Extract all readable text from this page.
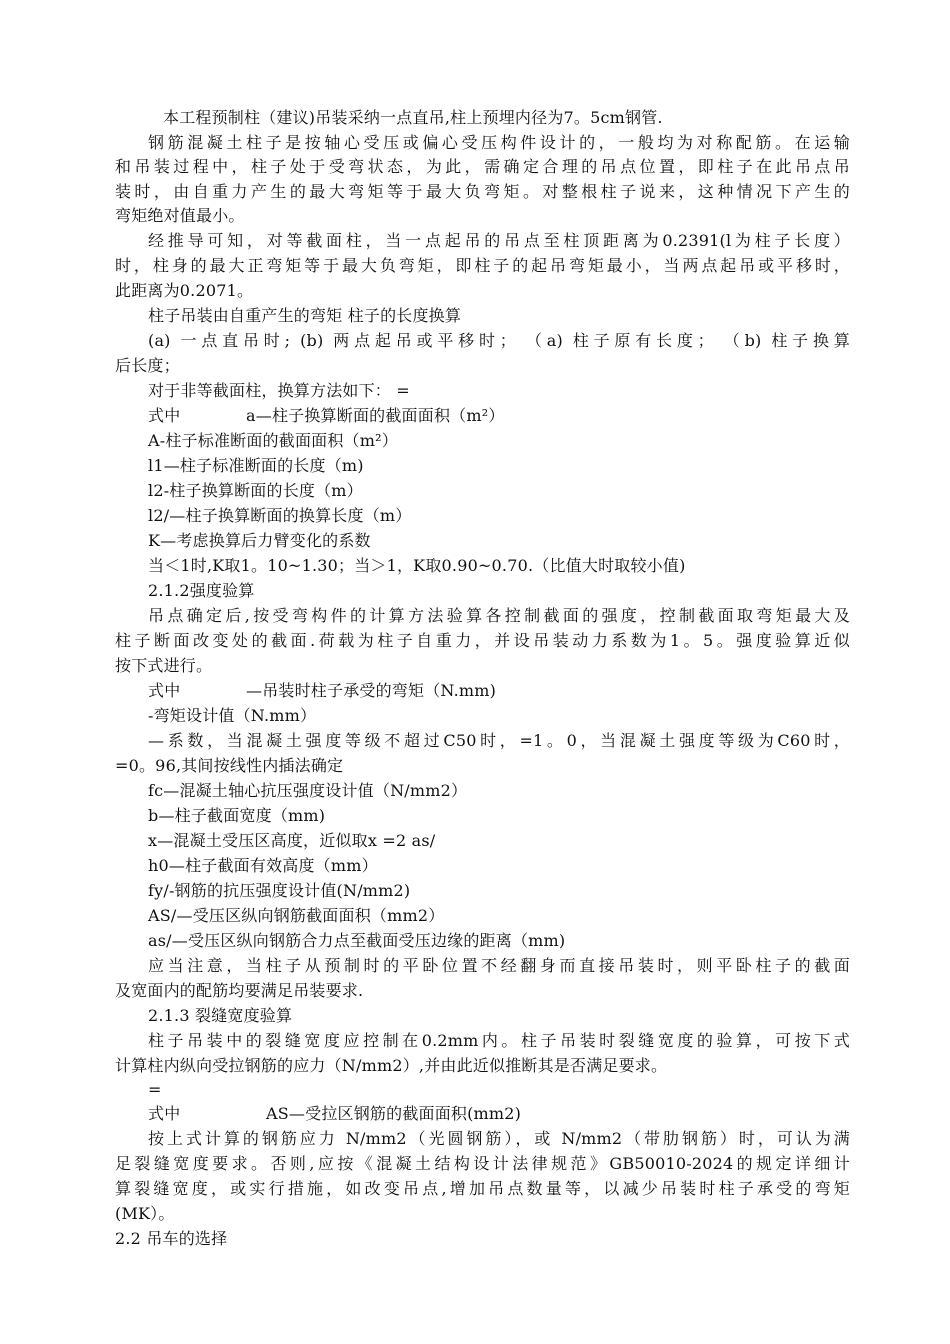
本工程预制柱（建议)吊装采纳一点直吊,柱上预埋内径为7。5cm钢管.
钢筋混凝土柱子是按轴心受压或偏心受压构件设计的，一般均为对称配筋。在运输
和吊装过程中，柱子处于受弯状态，为此，需确定合理的吊点位置，即柱子在此吊点吊
装时，由自重力产生的最大弯矩等于最大负弯矩。对整根柱子说来，这种情况下产生的
弯矩绝对值最小。
经推导可知，对等截面柱，当一点起吊的吊点至柱顶距离为0.2391(l为柱子长度）
时，柱身的最大正弯矩等于最大负弯矩，即柱子的起吊弯矩最小，当两点起吊或平移时，
此距离为0.2071。
柱子吊装由自重产生的弯矩 柱子的长度换算
(a) 一点直吊时; (b) 两点起吊或平移时； （a) 柱子原有长度； （b) 柱子换算
后长度；
对于非等截面柱，换算方法如下： =
式中	a—柱子换算断面的截面面积（m²）
A-柱子标准断面的截面面积（m²）
l1—柱子标准断面的长度（m)
l2-柱子换算断面的长度（m）
l2/—柱子换算断面的换算长度（m）
K—考虑换算后力臂变化的系数
当＜1时,K取1。10~1.30；当＞1，K取0.90~0.70.（比值大时取较小值)
2.1.2强度验算
吊点确定后,按受弯构件的计算方法验算各控制截面的强度，控制截面取弯矩最大及
柱子断面改变处的截面.荷载为柱子自重力，并设吊装动力系数为1。5。强度验算近似
按下式进行。
式中	—吊装时柱子承受的弯矩（N.mm)
-弯矩设计值（N.mm）
—系数，当混凝土强度等级不超过C50时，=1。0，当混凝土强度等级为C60时，
=0。96,其间按线性内插法确定
fc—混凝土轴心抗压强度设计值（N/mm2）
b—柱子截面宽度（mm)
x—混凝土受压区高度，近似取x =2 as/
h0—柱子截面有效高度（mm）
fy/-钢筋的抗压强度设计值(N/mm2)
AS/—受压区纵向钢筋截面面积（mm2）
as/—受压区纵向钢筋合力点至截面受压边缘的距离（mm)
应当注意，当柱子从预制时的平卧位置不经翻身而直接吊装时，则平卧柱子的截面
及宽面内的配筋均要满足吊装要求.
2.1.3 裂缝宽度验算
柱子吊装中的裂缝宽度应控制在0.2mm内。柱子吊装时裂缝宽度的验算，可按下式
计算柱内纵向受拉钢筋的应力（N/mm2）,并由此近似推断其是否满足要求。
=
式中	AS—受拉区钢筋的截面面积(mm2)
按上式计算的钢筋应力 N/mm2（光圆钢筋），或 N/mm2（带肋钢筋）时，可认为满
足裂缝宽度要求。否则,应按《混凝土结构设计法律规范》GB50010-2024的规定详细计
算裂缝宽度，或实行措施，如改变吊点,增加吊点数量等，以减少吊装时柱子承受的弯矩
(MK）。
2.2 吊车的选择
